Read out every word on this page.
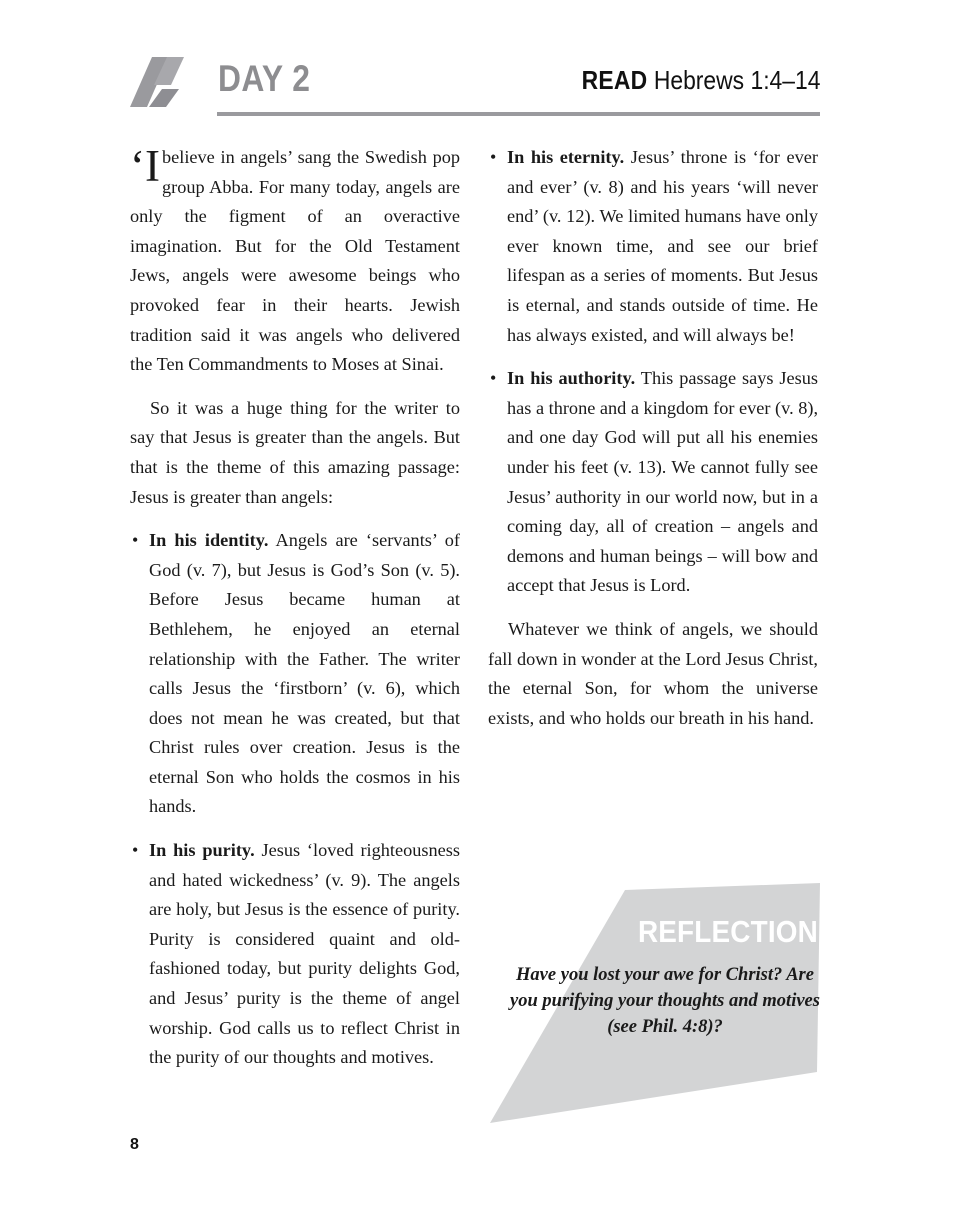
DAY 2	READ Hebrews 1:4–14

‘I believe in angels’ sang the Swedish pop group Abba. For many today, angels are only the figment of an overactive imagination. But for the Old Testament Jews, angels were awesome beings who provoked fear in their hearts. Jewish tradition said it was angels who delivered the Ten Commandments to Moses at Sinai.

So it was a huge thing for the writer to say that Jesus is greater than the angels. But that is the theme of this amazing passage: Jesus is greater than angels:

• In his identity. Angels are ‘servants’ of God (v. 7), but Jesus is God’s Son (v. 5). Before Jesus became human at Bethlehem, he enjoyed an eternal relationship with the Father. The writer calls Jesus the ‘firstborn’ (v. 6), which does not mean he was created, but that Christ rules over creation. Jesus is the eternal Son who holds the cosmos in his hands.
• In his purity. Jesus ‘loved righteousness and hated wickedness’ (v. 9). The angels are holy, but Jesus is the essence of purity. Purity is considered quaint and old-fashioned today, but purity delights God, and Jesus’ purity is the theme of angel worship. God calls us to reflect Christ in the purity of our thoughts and motives.
• In his eternity. Jesus’ throne is ‘for ever and ever’ (v. 8) and his years ‘will never end’ (v. 12). We limited humans have only ever known time, and see our brief lifespan as a series of moments. But Jesus is eternal, and stands outside of time. He has always existed, and will always be!
• In his authority. This passage says Jesus has a throne and a kingdom for ever (v. 8), and one day God will put all his enemies under his feet (v. 13). We cannot fully see Jesus’ authority in our world now, but in a coming day, all of creation – angels and demons and human beings – will bow and accept that Jesus is Lord.

Whatever we think of angels, we should fall down in wonder at the Lord Jesus Christ, the eternal Son, for whom the universe exists, and who holds our breath in his hand.

REFLECTION
Have you lost your awe for Christ? Are you purifying your thoughts and motives (see Phil. 4:8)?
8
